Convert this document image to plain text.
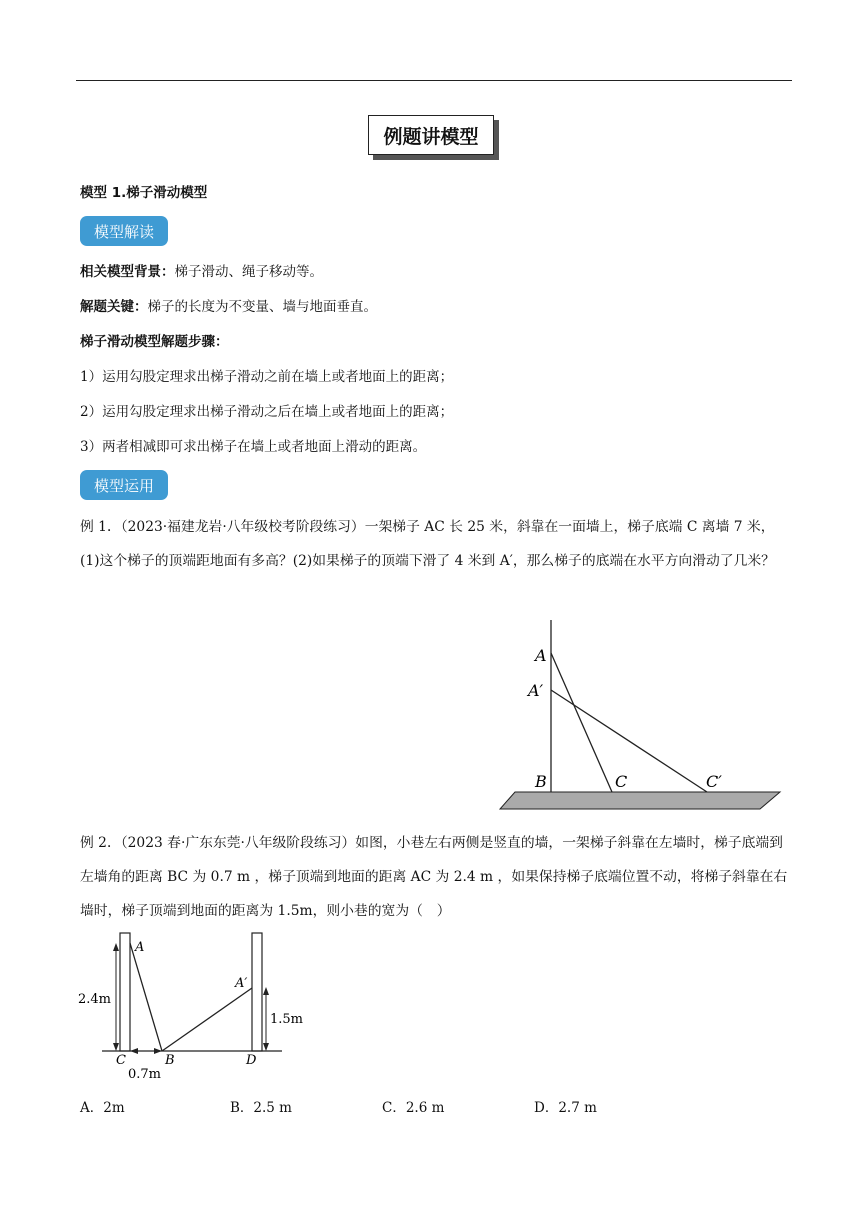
例题讲模型
模型 1.梯子滑动模型
模型解读
相关模型背景：梯子滑动、绳子移动等。
解题关键：梯子的长度为不变量、墙与地面垂直。
梯子滑动模型解题步骤：
1）运用勾股定理求出梯子滑动之前在墙上或者地面上的距离；
2）运用勾股定理求出梯子滑动之后在墙上或者地面上的距离；
3）两者相减即可求出梯子在墙上或者地面上滑动的距离。
模型运用
例 1．（2023·福建龙岩·八年级校考阶段练习）一架梯子 AC 长 25 米，斜靠在一面墙上，梯子底端 C 离墙 7 米，(1)这个梯子的顶端距地面有多高？(2)如果梯子的顶端下滑了 4 米到 A′，那么梯子的底端在水平方向滑动了几米？
A
A′
B	C	C′
例 2．（2023 春·广东东莞·八年级阶段练习）如图，小巷左右两侧是竖直的墙，一架梯子斜靠在左墙时，梯子底端到左墙角的距离 BC 为 0.7 m ，梯子顶端到地面的距离 AC 为 2.4 m ，如果保持梯子底端位置不动，将梯子斜靠在右墙时，梯子顶端到地面的距离为 1.5m，则小巷的宽为（　）
A
A′
B
C	D
2.4m
0.7m
1.5m
A．2m	B．2.5 m	C．2.6 m	D．2.7 m
